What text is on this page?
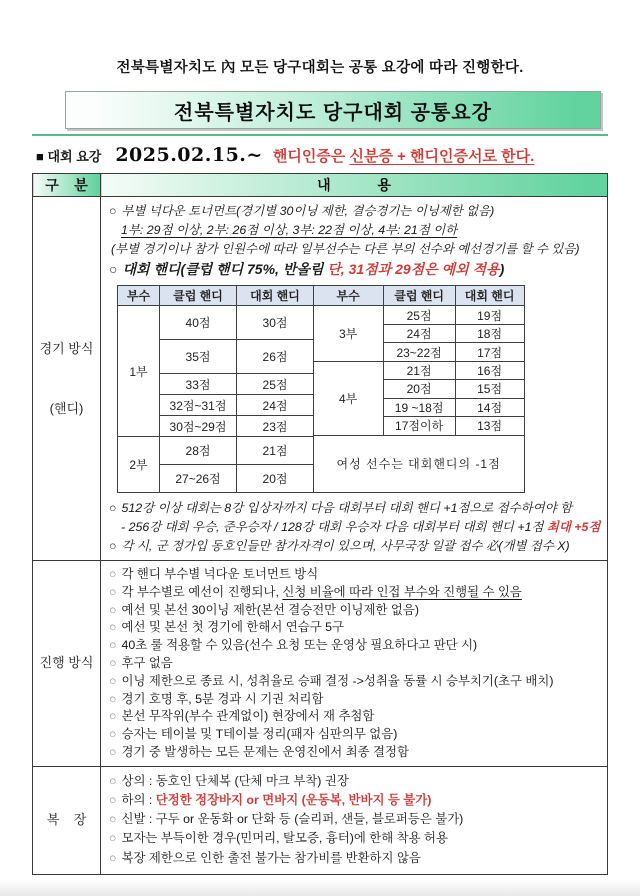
전북특별자치도 內 모든 당구대회는 공통 요강에 따라 진행한다.
전북특별자치도 당구대회 공통요강
■ 대회 요강 2025.02.15.~ 핸디인증은 신분증 + 핸디인증서로 한다.
구    분	내            용

경기 방식

(핸디)

○ 부별 넉다운 토너먼트(경기별 30이닝 제한, 결승경기는 이닝제한 없음)
1부: 29점 이상, 2부: 26점 이상, 3부: 22점 이상, 4부: 21점 이하
(부별 경기이나 참가 인원수에 따라 일부선수는 다른 부의 선수와 예선경기를 할 수 있음)
○ 대회 핸디(클럽 핸디 75%, 반올림 단, 31점과 29점은 예외 적용)
부수	클럽 핸디	대회 핸디
1부	40점	30점
35점	26점
33점	25점
32점~31점	24점
30점~29점	23점
2부	28점	21점
27~26점	20점
부수	클럽 핸디	대회 핸디
3부	25점	19점
24점	18점
23~22점	17점
4부	21점	16점
20점	15점
19 ~18점	14점
17점이하	13점
여성 선수는 대회핸디의 -1점
○ 512강 이상 대회는 8강 입상자까지 다음 대회부터 대회 핸디 +1점으로 접수하여야 함
- 256강 대회 우승, 준우승자 / 128강 대회 우승자 다음 대회부터 대회 핸디 +1점 최대 +5점
○ 각 시, 군 정가입 동호인들만 참가자격이 있으며, 사무국장 일괄 접수 必(개별 접수 X)

진행 방식	
○ 각 핸디 부수별 넉다운 토너먼트 방식
○ 각 부수별로 예선이 진행되나, 신청 비율에 따라 인접 부수와 진행될 수 있음
○ 예선 및 본선 30이닝 제한(본선 결승전만 이닝제한 없음)
○ 예선 및 본선 첫 경기에 한해서 연습구 5구
○ 40초 룰 적용할 수 있음(선수 요청 또는 운영상 필요하다고 판단 시)
○ 후구 없음
○ 이닝 제한으로 종료 시, 성취율로 승패 결정 ->성취율 동률 시 승부치기(초구 배치)
○ 경기 호명 후, 5분 경과 시 기권 처리함
○ 본선 무작위(부수 관계없이) 현장에서 재 추첨함
○ 승자는 테이블 및 T테이블 정리(패자 심판의무 없음)
○ 경기 중 발생하는 모든 문제는 운영진에서 최종 결정함

복    장	
○ 상의 : 동호인 단체복 (단체 마크 부착) 권장
○ 하의 : 단정한 정장바지 or 면바지 (운동복, 반바지 등 불가)
○ 신발 : 구두 or 운동화 or 단화 등 (슬리퍼, 샌들, 블로퍼등은 불가)
○ 모자는 부득이한 경우(민머리, 탈모증, 흉터)에 한해 착용 허용
○ 복장 제한으로 인한 출전 불가는 참가비를 반환하지 않음
